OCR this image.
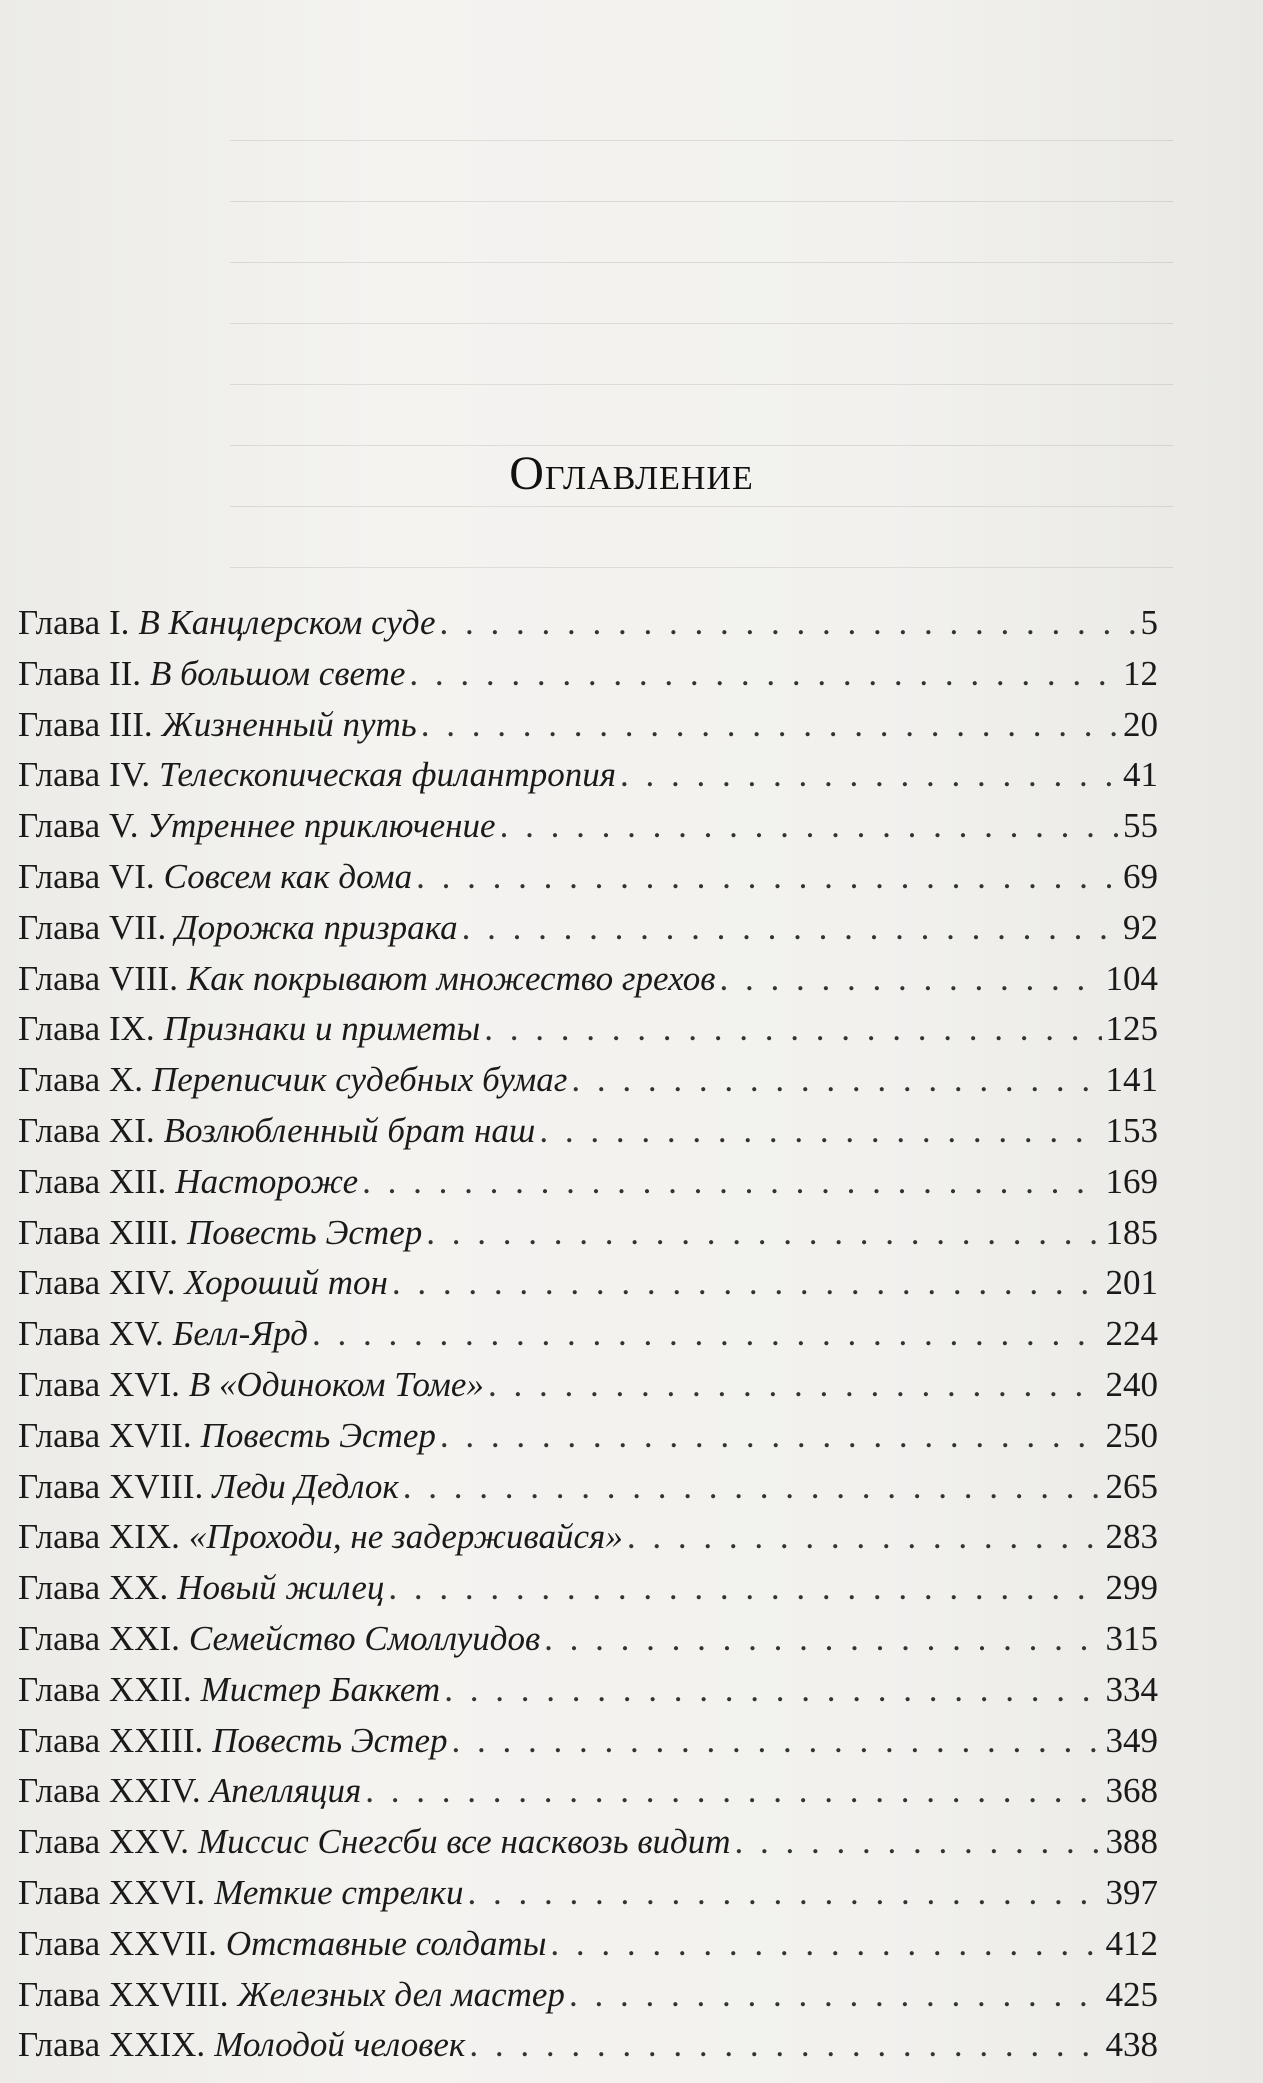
Оглавление
Глава I. В Канцлерском суде . . .	5
Глава II. В большом свете . . .	12
Глава III. Жизненный путь . . .	20
Глава IV. Телескопическая филантропия . . .	41
Глава V. Утреннее приключение . . .	55
Глава VI. Совсем как дома . . .	69
Глава VII. Дорожка призрака . . .	92
Глава VIII. Как покрывают множество грехов . . .	104
Глава IX. Признаки и приметы . . .	125
Глава X. Переписчик судебных бумаг . . .	141
Глава XI. Возлюбленный брат наш . . .	153
Глава XII. Настороже . . .	169
Глава XIII. Повесть Эстер . . .	185
Глава XIV. Хороший тон . . .	201
Глава XV. Белл-Ярд . . .	224
Глава XVI. В «Одиноком Томе» . . .	240
Глава XVII. Повесть Эстер . . .	250
Глава XVIII. Леди Дедлок . . .	265
Глава XIX. «Проходи, не задерживайся» . . .	283
Глава XX. Новый жилец . . .	299
Глава XXI. Семейство Смоллуидов . . .	315
Глава XXII. Мистер Баккет . . .	334
Глава XXIII. Повесть Эстер . . .	349
Глава XXIV. Апелляция . . .	368
Глава XXV. Миссис Снегсби все насквозь видит . . .	388
Глава XXVI. Меткие стрелки . . .	397
Глава XXVII. Отставные солдаты . . .	412
Глава XXVIII. Железных дел мастер . . .	425
Глава XXIX. Молодой человек . . .	438
